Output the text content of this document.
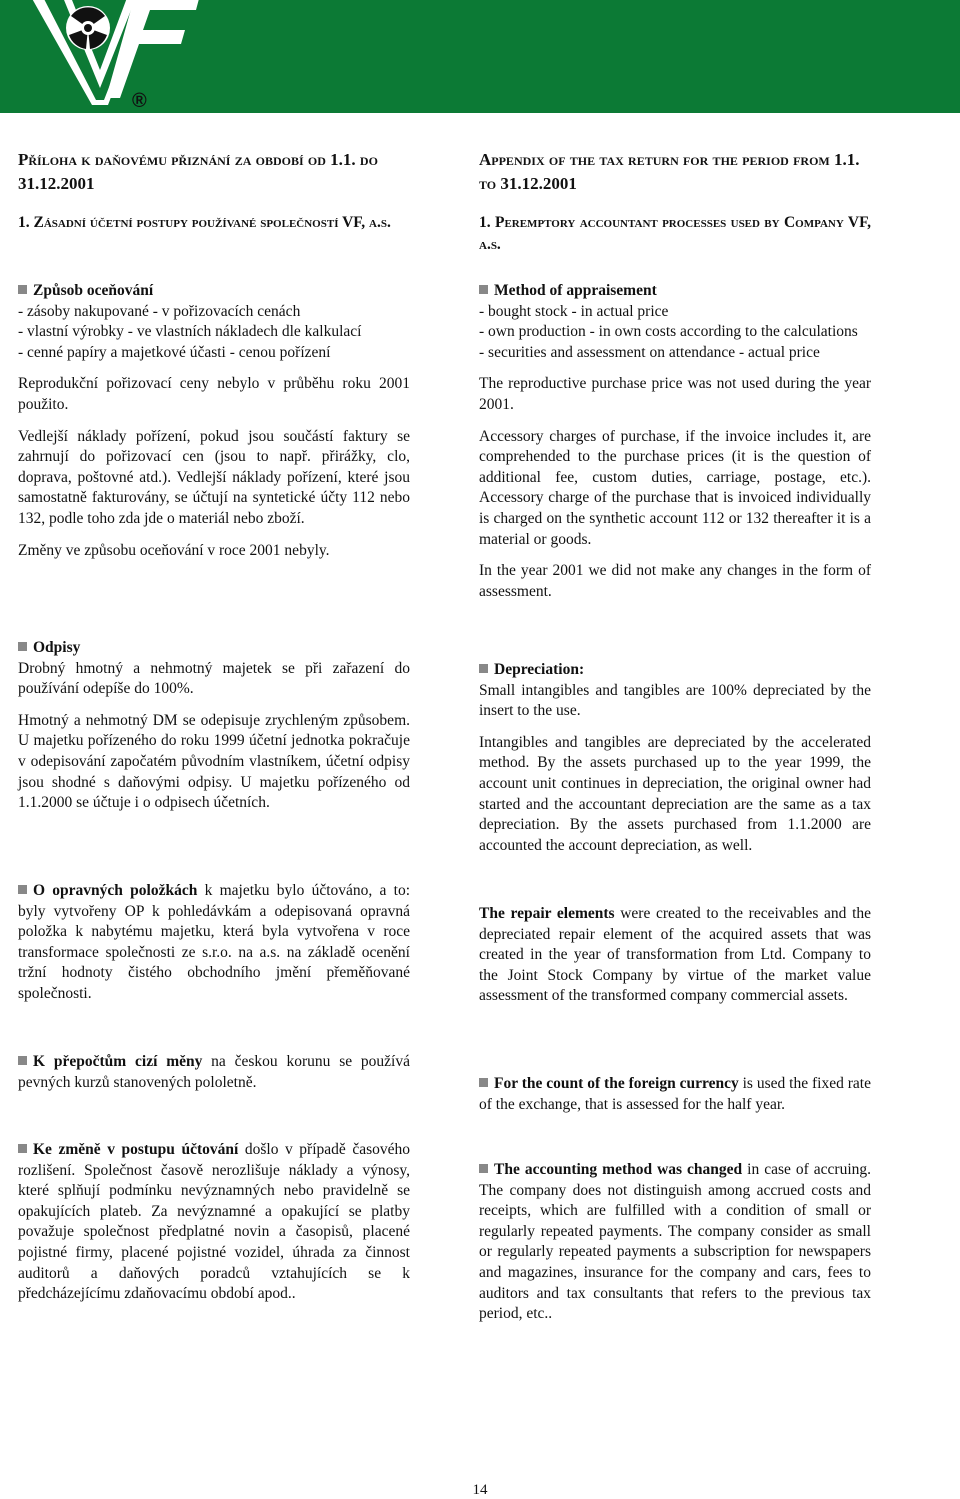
®
Příloha k daňovému přiznání za období od 1.1. do 31.12.2001
1. Zásadní účetní postupy používané společností VF, a.s.
Způsob oceňování
- zásoby nakupované - v pořizovacích cenách
- vlastní výrobky - ve vlastních nákladech dle kalkulací
- cenné papíry a majetkové účasti - cenou pořízení

Reprodukční pořizovací ceny nebylo v průběhu roku 2001 použito.

Vedlejší náklady pořízení, pokud jsou součástí faktury se zahrnují do pořizovací cen (jsou to např. přirážky, clo, doprava, poštovné atd.). Vedlejší náklady pořízení, které jsou samostatně fakturovány, se účtují na syntetické účty 112 nebo 132, podle toho zda jde o materiál nebo zboží.

Změny ve způsobu oceňování v roce 2001 nebyly.

Odpisy

Drobný hmotný a nehmotný majetek se při zařazení do používání odepíše do 100%.

Hmotný a nehmotný DM se odepisuje zrychleným způsobem. U majetku pořízeného do roku 1999 účetní jednotka pokračuje v odepisování započatém původním vlastníkem, účetní odpisy jsou shodné s daňovými odpisy. U majetku pořízeného od 1.1.2000 se účtuje i o odpisech účetních.

O opravných položkách k majetku bylo účtováno, a to: byly vytvořeny OP k pohledávkám a odepisovaná opravná položka k nabytému majetku, která byla vytvořena v roce transformace společnosti ze s.r.o. na a.s. na základě ocenění tržní hodnoty čistého obchodního jmění přeměňované společnosti.

K přepočtům cizí měny na českou korunu se používá pevných kurzů stanovených pololetně.

Ke změně v postupu účtování došlo v případě časového rozlišení. Společnost časově nerozlišuje náklady a výnosy, které splňují podmínku nevýznamných nebo pravidelně se opakujících plateb. Za nevýznamné a opakující se platby považuje společnost předplatné novin a časopisů, placené pojistné firmy, placené pojistné vozidel, úhrada za činnost auditorů a daňových poradců vztahujících se k předcházejícímu zdaňovacímu období apod..

Appendix of the tax return for the period from 1.1. to 31.12.2001
1. Peremptory accountant processes used by Company VF, a.s.
Method of appraisement
- bought stock - in actual price
- own production - in own costs according to the calculations
- securities and assessment on attendance - actual price

The reproductive purchase price was not used during the year 2001.

Accessory charges of purchase, if the invoice includes it, are comprehended to the purchase prices (it is the question of additional fee, custom duties, carriage, postage, etc.). Accessory charge of the purchase that is invoiced individually is charged on the synthetic account 112 or 132 thereafter it is a material or goods.

In the year 2001 we did not make any changes in the form of assessment.

Depreciation:

Small intangibles and tangibles are 100% depreciated by the insert to the use.

Intangibles and tangibles are depreciated by the accelerated method. By the assets purchased up to the year 1999, the account unit continues in depreciation, the original owner had started and the accountant depreciation are the same as a tax depreciation. By the assets purchased from 1.1.2000 are accounted the account depreciation, as well.

The repair elements were created to the receivables and the depreciated repair element of the acquired assets that was created in the year of transformation from Ltd. Company to the Joint Stock Company by virtue of the market value assessment of the transformed company commercial assets.

For the count of the foreign currency is used the fixed rate of the exchange, that is assessed for the half year.

The accounting method was changed in case of accruing. The company does not distinguish among accrued costs and receipts, which are fulfilled with a condition of small or regularly repeated payments. The company consider as small or regularly repeated payments a subscription for newspapers and magazines, insurance for the company and cars, fees to auditors and tax consultants that refers to the previous tax period, etc..

14
